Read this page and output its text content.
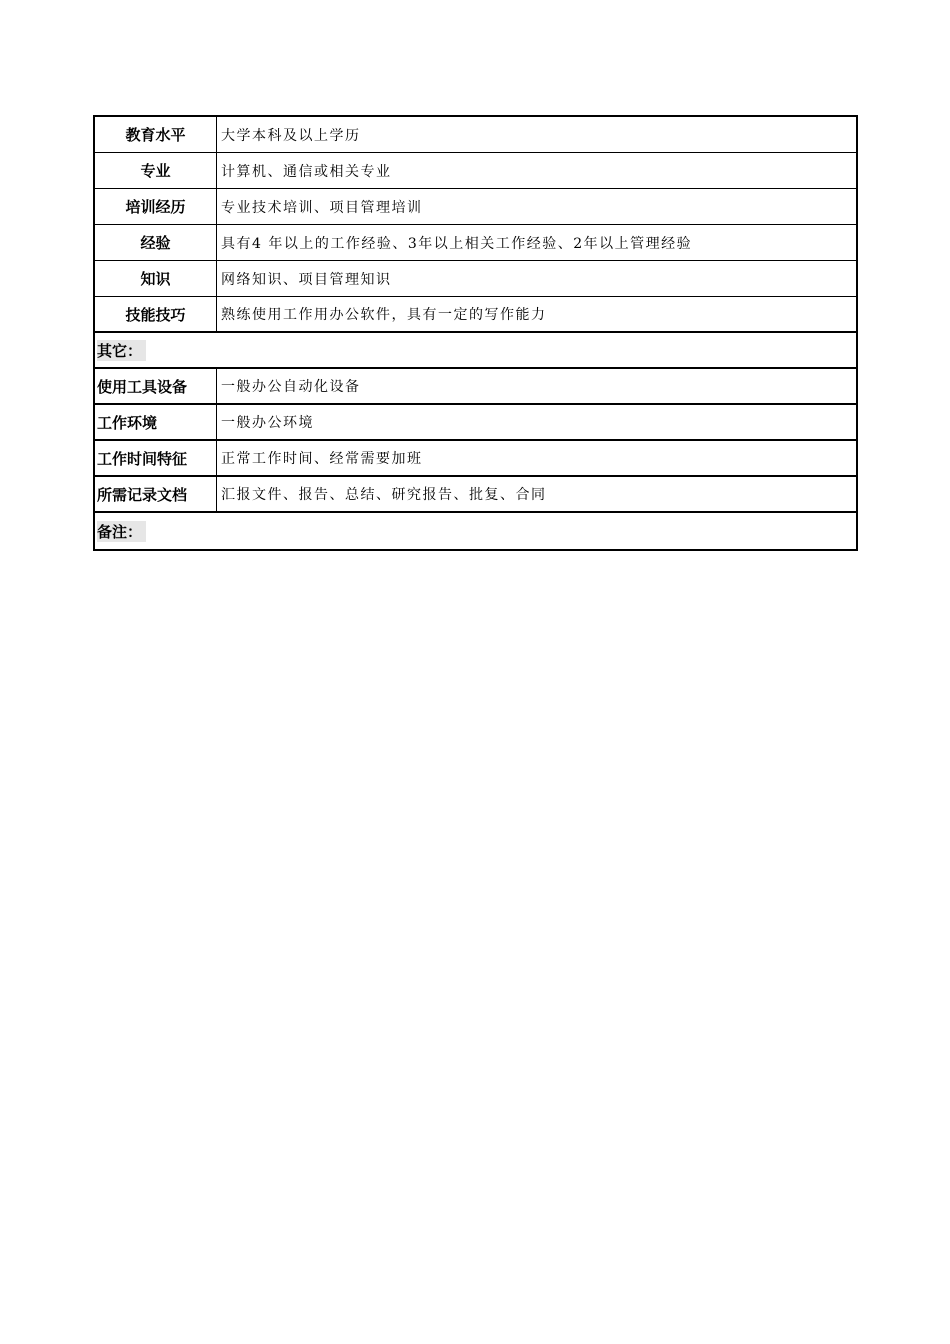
教育水平	大学本科及以上学历
专业	计算机、通信或相关专业
培训经历	专业技术培训、项目管理培训
经验	具有4 年以上的工作经验、3年以上相关工作经验、2年以上管理经验
知识	网络知识、项目管理知识
技能技巧	熟练使用工作用办公软件，具有一定的写作能力
其它：
使用工具设备	一般办公自动化设备
工作环境	一般办公环境
工作时间特征	正常工作时间、经常需要加班
所需记录文档	汇报文件、报告、总结、研究报告、批复、合同
备注：
